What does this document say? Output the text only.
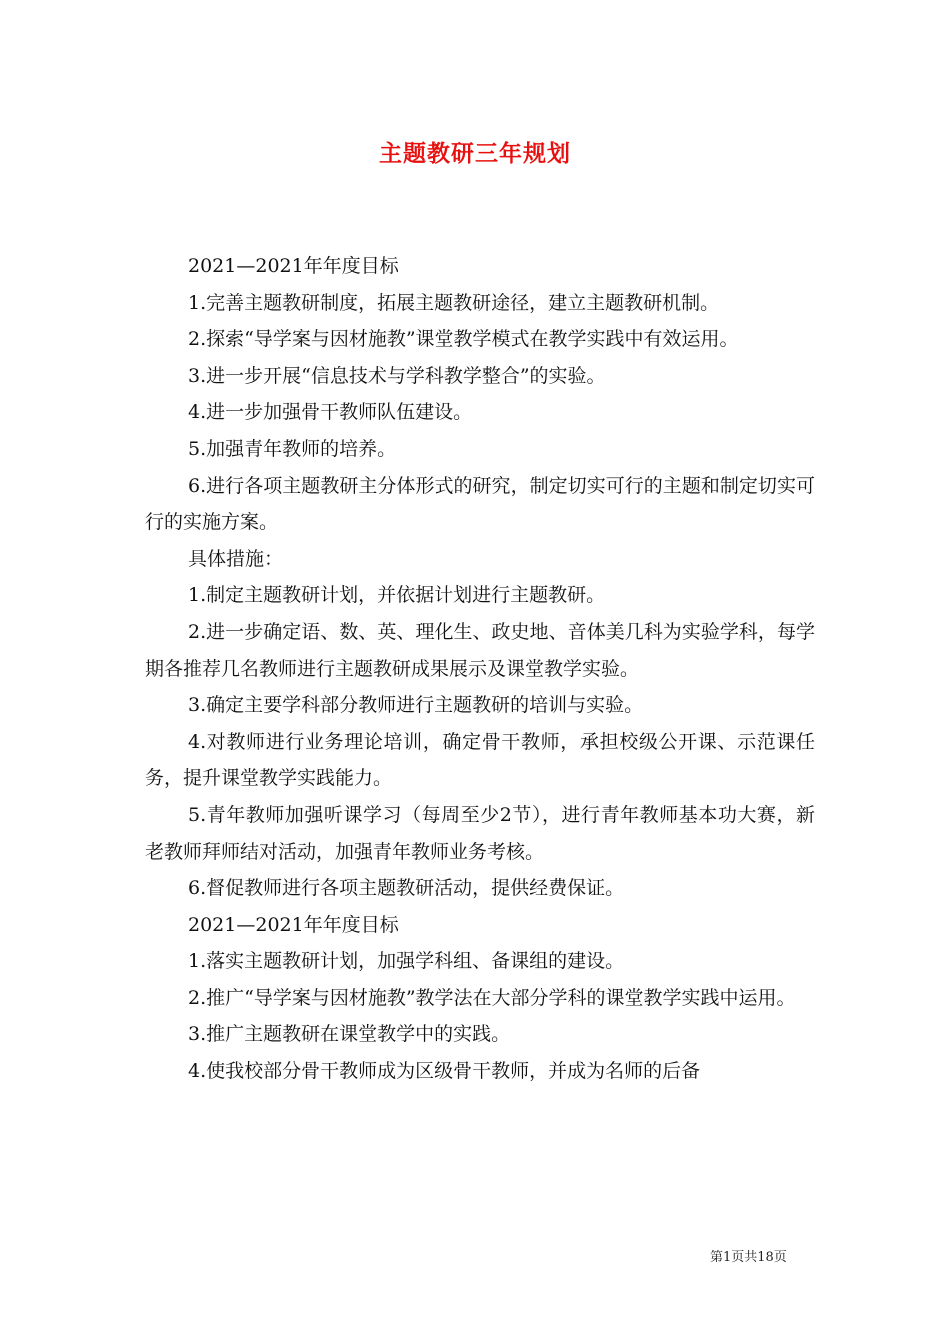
主题教研三年规划

2021—2021年年度目标

1.完善主题教研制度，拓展主题教研途径，建立主题教研机制。

2.探索“导学案与因材施教”课堂教学模式在教学实践中有效运用。

3.进一步开展“信息技术与学科教学整合”的实验。

4.进一步加强骨干教师队伍建设。

5.加强青年教师的培养。

6.进行各项主题教研主分体形式的研究，制定切实可行的主题和制定切实可行的实施方案。

具体措施：

1.制定主题教研计划，并依据计划进行主题教研。

2.进一步确定语、数、英、理化生、政史地、音体美几科为实验学科，每学期各推荐几名教师进行主题教研成果展示及课堂教学实验。

3.确定主要学科部分教师进行主题教研的培训与实验。

4.对教师进行业务理论培训，确定骨干教师，承担校级公开课、示范课任务，提升课堂教学实践能力。

5.青年教师加强听课学习（每周至少2节），进行青年教师基本功大赛，新老教师拜师结对活动，加强青年教师业务考核。

6.督促教师进行各项主题教研活动，提供经费保证。

2021—2021年年度目标

1.落实主题教研计划，加强学科组、备课组的建设。

2.推广“导学案与因材施教”教学法在大部分学科的课堂教学实践中运用。

3.推广主题教研在课堂教学中的实践。

4.使我校部分骨干教师成为区级骨干教师，并成为名师的后备

第1页共18页
